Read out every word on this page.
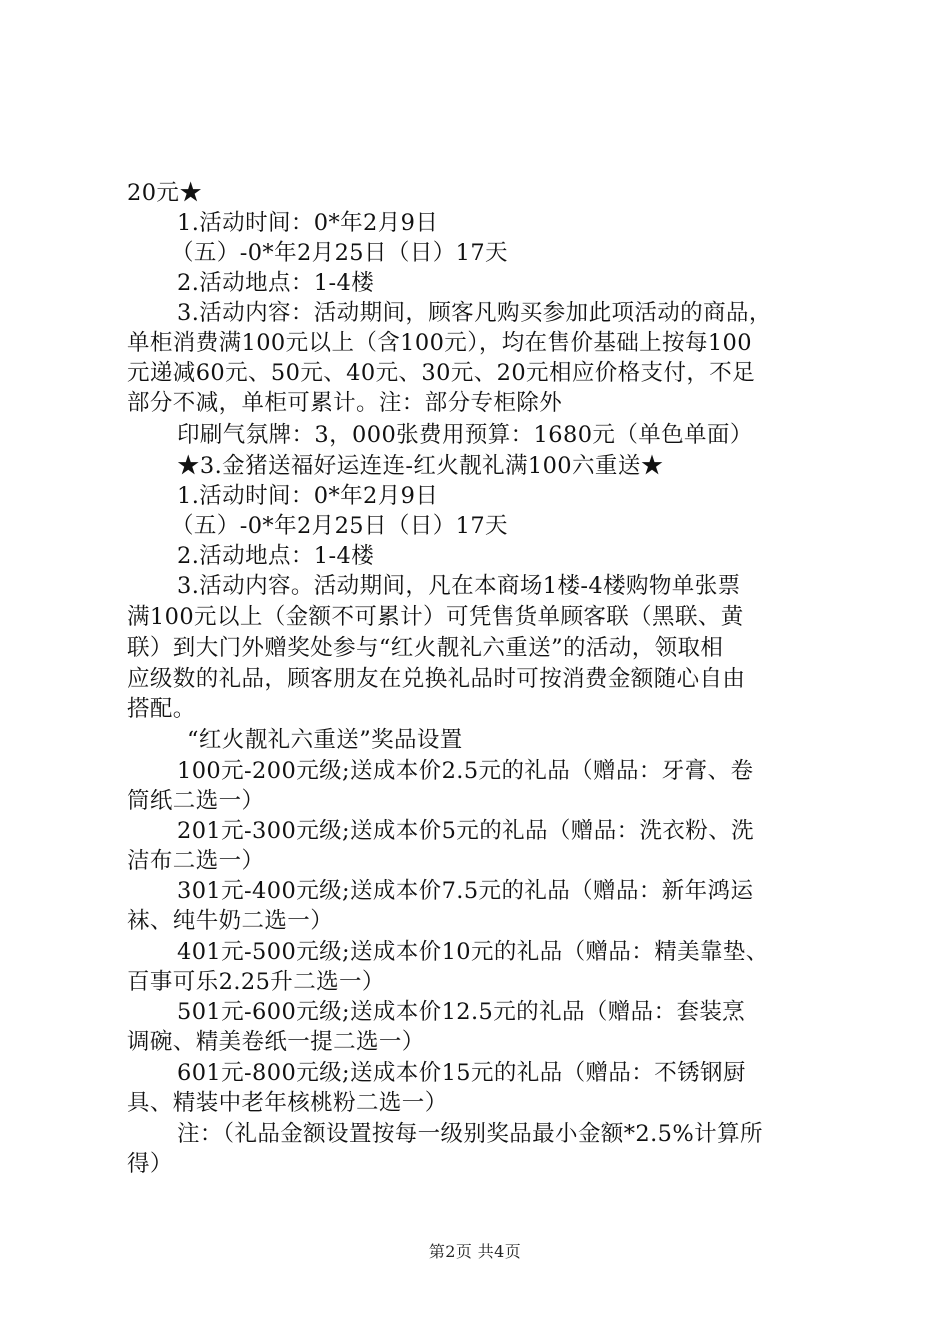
20元★
1.活动时间：0*年2月9日
（五）-0*年2月25日（日）17天
2.活动地点：1-4楼
3.活动内容：活动期间，顾客凡购买参加此项活动的商品，
单柜消费满100元以上（含100元），均在售价基础上按每100
元递减60元、50元、40元、30元、20元相应价格支付，不足
部分不减，单柜可累计。注：部分专柜除外
印刷气氛牌：3，000张费用预算：1680元（单色单面）
★3.金猪送福好运连连-红火靓礼满100六重送★
1.活动时间：0*年2月9日
（五）-0*年2月25日（日）17天
2.活动地点：1-4楼
3.活动内容。活动期间，凡在本商场1楼-4楼购物单张票
满100元以上（金额不可累计）可凭售货单顾客联（黑联、黄
联）到大门外赠奖处参与“红火靓礼六重送”的活动，领取相
应级数的礼品，顾客朋友在兑换礼品时可按消费金额随心自由
搭配。
“红火靓礼六重送”奖品设置
100元-200元级;送成本价2.5元的礼品（赠品：牙膏、卷
筒纸二选一）
201元-300元级;送成本价5元的礼品（赠品：洗衣粉、洗
洁布二选一）
301元-400元级;送成本价7.5元的礼品（赠品：新年鸿运
袜、纯牛奶二选一）
401元-500元级;送成本价10元的礼品（赠品：精美靠垫、
百事可乐2.25升二选一）
501元-600元级;送成本价12.5元的礼品（赠品：套装烹
调碗、精美卷纸一提二选一）
601元-800元级;送成本价15元的礼品（赠品：不锈钢厨
具、精装中老年核桃粉二选一）
注：（礼品金额设置按每一级别奖品最小金额*2.5%计算所
得）
第2页 共4页
